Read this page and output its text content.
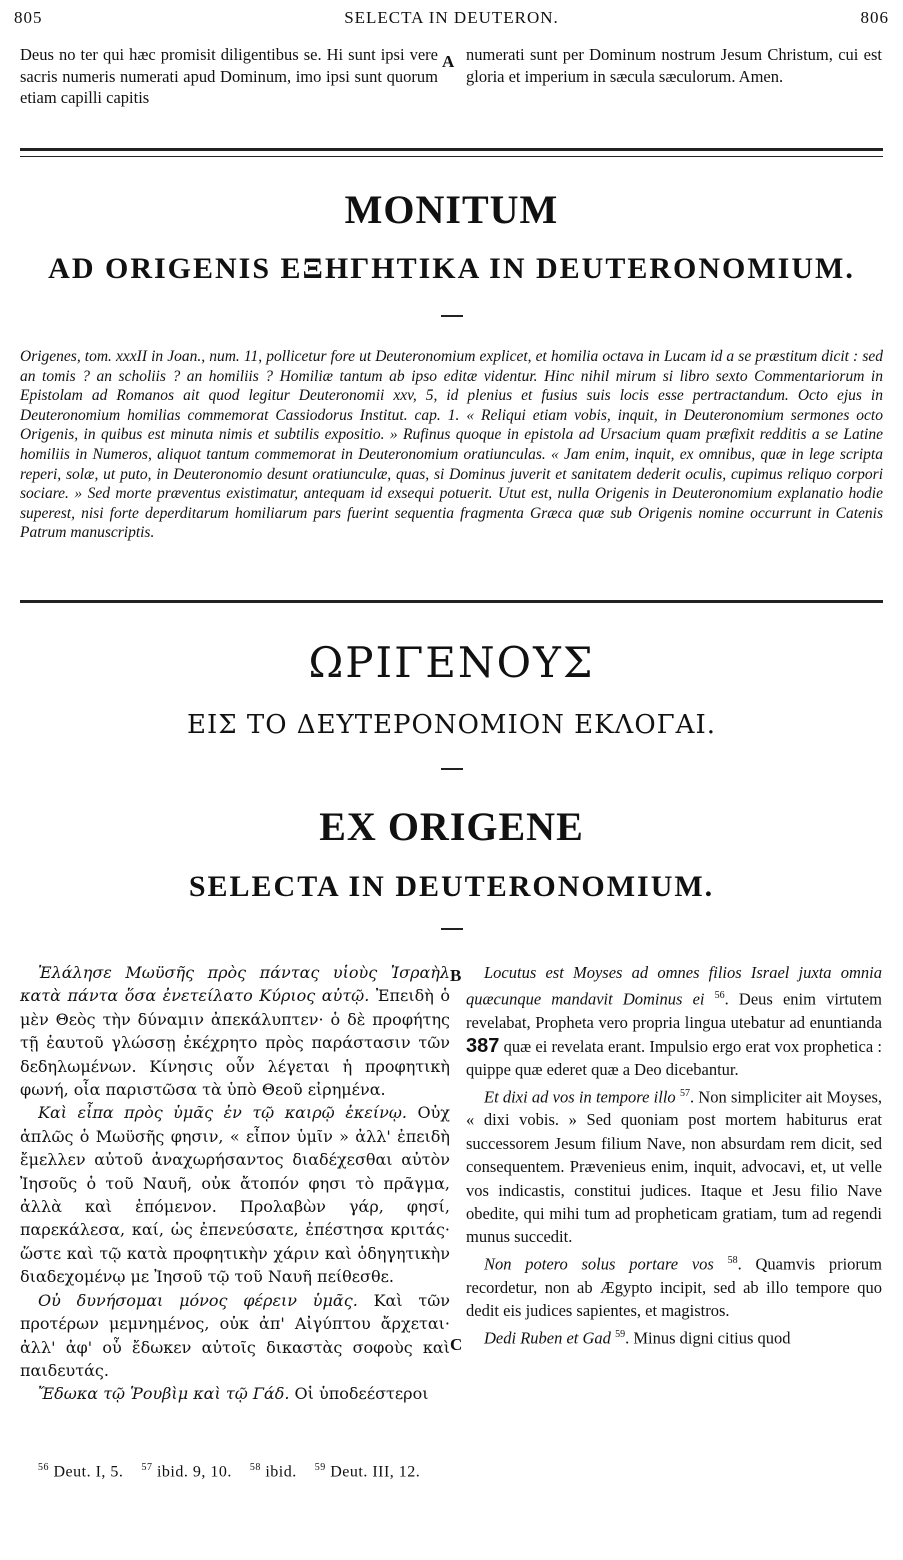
805	SELECTA IN DEUTERON.	806

Deus no ter qui hæc promisit diligentibus se. Hi sunt ipsi vere sacris numeris numerati apud Dominum, imo ipsi sunt quorum etiam capilli capitis

A numerati sunt per Dominum nostrum Jesum Christum, cui est gloria et imperium in sæcula sæculorum. Amen.

MONITUM
AD ORIGENIS ΕΞΗΓΗΤΙΚΑ IN DEUTERONOMIUM.
Origenes, tom. xxxII in Joan., num. 11, pollicetur fore ut Deuteronomium explicet, et homilia octava in Lucam id a se præstitum dicit : sed an tomis ? an scholiis ? an homiliis ? Homiliæ tantum ab ipso editæ videntur. Hinc nihil mirum si libro sexto Commentariorum in Epistolam ad Romanos ait quod legitur Deuteronomii xxv, 5, id plenius et fusius suis locis esse pertractandum. Octo ejus in Deuteronomium homilias commemorat Cassiodorus Institut. cap. 1. « Reliqui etiam vobis, inquit, in Deuteronomium sermones octo Origenis, in quibus est minuta nimis et subtilis expositio. » Rufinus quoque in epistola ad Ursacium quam præfixit redditis a se Latine homiliis in Numeros, aliquot tantum commemorat in Deuteronomium oratiunculas. « Jam enim, inquit, ex omnibus, quæ in lege scripta reperi, solæ, ut puto, in Deuteronomio desunt oratiunculæ, quas, si Dominus juverit et sanitatem dederit oculis, cupimus reliquo corpori sociare. » Sed morte præventus existimatur, antequam id exsequi potuerit. Utut est, nulla Origenis in Deuteronomium explanatio hodie superest, nisi forte deperditarum homiliarum pars fuerint sequentia fragmenta Græca quæ sub Origenis nomine occurrunt in Catenis Patrum manuscriptis.
ΩΡΙΓΕΝΟΥΣ
ΕΙΣ ΤΟ ΔΕΥΤΕΡΟΝΟΜΙΟΝ ΕΚΛΟΓΑΙ.
EX ORIGENE
SELECTA IN DEUTERONOMIUM.

Ἐλάλησε Μωϋσῆς πρὸς πάντας υἱοὺς Ἰσραὴλ κατὰ πάντα ὅσα ἐνετείλατο Κύριος αὐτῷ. Ἐπειδὴ ὁ μὲν Θεὸς τὴν δύναμιν ἀπεκάλυπτεν· ὁ δὲ προφήτης τῇ ἑαυτοῦ γλώσσῃ ἐκέχρητο πρὸς παράστασιν τῶν δεδηλωμένων. Κίνησις οὖν λέγεται ἡ προφητικὴ φωνή, οἷα παριστῶσα τὰ ὑπὸ Θεοῦ εἰρημένα.

Καὶ εἶπα πρὸς ὑμᾶς ἐν τῷ καιρῷ ἐκείνῳ. Οὐχ ἁπλῶς ὁ Μωϋσῆς φησιν, « εἶπον ὑμῖν » ἀλλ' ἐπειδὴ ἔμελλεν αὐτοῦ ἀναχωρήσαντος διαδέχεσθαι αὐτὸν Ἰησοῦς ὁ τοῦ Ναυῆ, οὐκ ἄτοπόν φησι τὸ πρᾶγμα, ἀλλὰ καὶ ἑπόμενον. Προλαβὼν γάρ, φησί, παρεκάλεσα, καί, ὡς ἐπενεύσατε, ἐπέστησα κριτάς· ὥστε καὶ τῷ κατὰ προφητικὴν χάριν καὶ ὁδηγητικὴν διαδεχομένῳ με Ἰησοῦ τῷ τοῦ Ναυῆ πείθεσθε.

Οὐ δυνήσομαι μόνος φέρειν ὑμᾶς. Καὶ τῶν προτέρων μεμνημένος, οὐκ ἀπ' Αἰγύπτου ἄρχεται· ἀλλ' ἀφ' οὗ ἔδωκεν αὐτοῖς δικαστὰς σοφοὺς καὶ παιδευτάς.

Ἔδωκα τῷ Ῥουβὶμ καὶ τῷ Γάδ. Οἱ ὑποδεέστεροι

B
C

Locutus est Moyses ad omnes filios Israel juxta omnia quæcunque mandavit Dominus ei $^{56}$. Deus enim virtutem revelabat, Propheta vero propria lingua utebatur ad enuntianda 387 quæ ei revelata erant. Impulsio ergo erat vox prophetica : quippe quæ ederet quæ a Deo dicebantur.

Et dixi ad vos in tempore illo $^{57}$. Non simpliciter ait Moyses, « dixi vobis. » Sed quoniam post mortem habiturus erat successorem Jesum filium Nave, non absurdam rem dicit, sed consequentem. Prævenieus enim, inquit, advocavi, et, ut velle vos indicastis, constitui judices. Itaque et Jesu filio Nave obedite, qui mihi tum ad propheticam gratiam, tum ad regendi munus succedit.

Non potero solus portare vos $^{58}$. Quamvis priorum recordetur, non ab Ægypto incipit, sed ab illo tempore quo dedit eis judices sapientes, et magistros.

Dedi Ruben et Gad $^{59}$. Minus digni citius quod

$^{56}$ Deut. I, 5. $^{57}$ ibid. 9, 10. $^{58}$ ibid. $^{59}$ Deut. III, 12.
